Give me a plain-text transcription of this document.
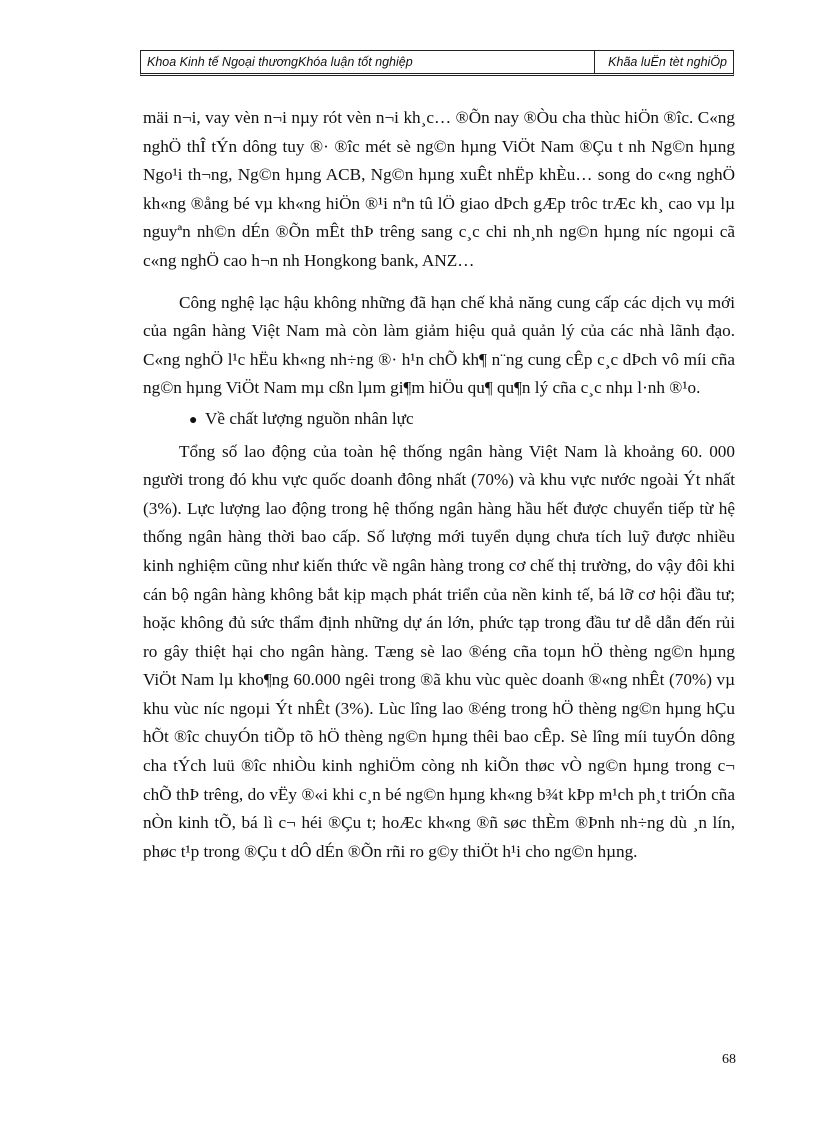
Khoa Kinh tế Ngoại thươngKhóa luận tốt nghiệp	Khãa luËn tèt nghiÖp

mäi n¬i, vay vèn n¬i nµy rót vèn n¬i kh¸c… ®Õn nay ®Òu cha thùc hiÖn ®îc. C«ng nghÖ thÎ tÝn dông tuy ®· ®îc mét sè ng©n hµng ViÖt Nam ®Çu t nh Ng©n hµng Ngo¹i th¬ng, Ng©n hµng ACB, Ng©n hµng xuÊt nhËp khÈu… song do c«ng nghÖ kh«ng ®ång bé vµ kh«ng hiÖn ®¹i nªn tû lÖ giao dÞch gÆp trôc trÆc kh¸ cao vµ lµ nguyªn nh©n dÉn ®Õn mÊt thÞ trêng sang c¸c chi nh¸nh ng©n hµng níc ngoµi cã c«ng nghÖ cao h¬n nh Hongkong bank, ANZ…

Công nghệ lạc hậu không những đã hạn chế khả năng cung cấp các dịch vụ mới của ngân hàng Việt Nam mà còn làm giảm hiệu quả quản lý của các nhà lãnh đạo. C«ng nghÖ l¹c hËu kh«ng nh÷ng ®· h¹n chÕ kh¶ n¨ng cung cÊp c¸c dÞch vô míi cña ng©n hµng ViÖt Nam mµ cßn lµm gi¶m hiÖu qu¶ qu¶n lý cña c¸c nhµ l·nh ®¹o.

● Về chất lượng nguồn nhân lực

Tổng số lao động của toàn hệ thống ngân hàng Việt Nam là khoảng 60. 000 người trong đó khu vực quốc doanh đông nhất (70%) và khu vực nước ngoài Ýt nhất (3%). Lực lượng lao động trong hệ thống ngân hàng hầu hết được chuyển tiếp từ hệ thống ngân hàng thời bao cấp. Số lượng mới tuyển dụng chưa tích luỹ được nhiều kinh nghiệm cũng như kiến thức về ngân hàng trong cơ chế thị trường, do vậy đôi khi cán bộ ngân hàng không bắt kịp mạch phát triển của nền kinh tế, bá lỡ cơ hội đầu tư; hoặc không đủ sức thẩm định những dự án lớn, phức tạp trong đầu tư dễ dẫn đến rủi ro gây thiệt hại cho ngân hàng. Tæng sè lao ®éng cña toµn hÖ thèng ng©n hµng ViÖt Nam lµ kho¶ng 60.000 ngêi trong ®ã khu vùc quèc doanh ®«ng nhÊt (70%) vµ khu vùc níc ngoµi Ýt nhÊt (3%). Lùc lîng lao ®éng trong hÖ thèng ng©n hµng hÇu hÕt ®îc chuyÓn tiÕp tõ hÖ thèng ng©n hµng thêi bao cÊp. Sè lîng míi tuyÓn dông cha tÝch luü ®îc nhiÒu kinh nghiÖm còng nh kiÕn thøc vÒ ng©n hµng trong c¬ chÕ thÞ trêng, do vËy ®«i khi c¸n bé ng©n hµng kh«ng b¾t kÞp m¹ch ph¸t triÓn cña nÒn kinh tÕ, bá lì c¬ héi ®Çu t; hoÆc kh«ng ®ñ søc thÈm ®Þnh nh÷ng dù ¸n lín, phøc t¹p trong ®Çu t dÔ dÉn ®Õn rñi ro g©y thiÖt h¹i cho ng©n hµng.

68
